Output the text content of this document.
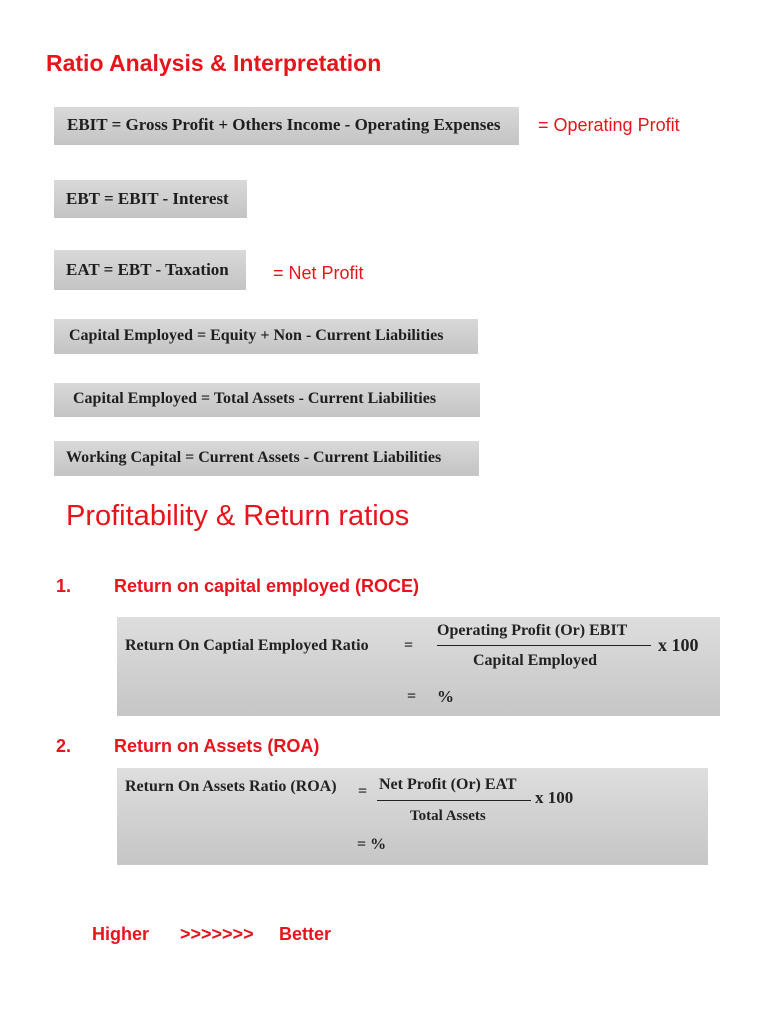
Ratio Analysis & Interpretation
EBIT = Gross Profit + Others Income - Operating Expenses	= Operating Profit
EBT = EBIT - Interest
EAT = EBT - Taxation	= Net Profit
Capital Employed = Equity + Non - Current Liabilities
Capital Employed = Total Assets - Current Liabilities
Working Capital = Current Assets - Current Liabilities
Profitability & Return ratios
1. Return on capital employed (ROCE)
Return On Captial Employed Ratio =
Operating Profit (Or) EBIT
Capital Employed
x 100
= %
2. Return on Assets (ROA)
Return On Assets Ratio (ROA) = Net Profit (Or) EAT
Total Assets
x 100
= %
Higher >>>>>>> Better
